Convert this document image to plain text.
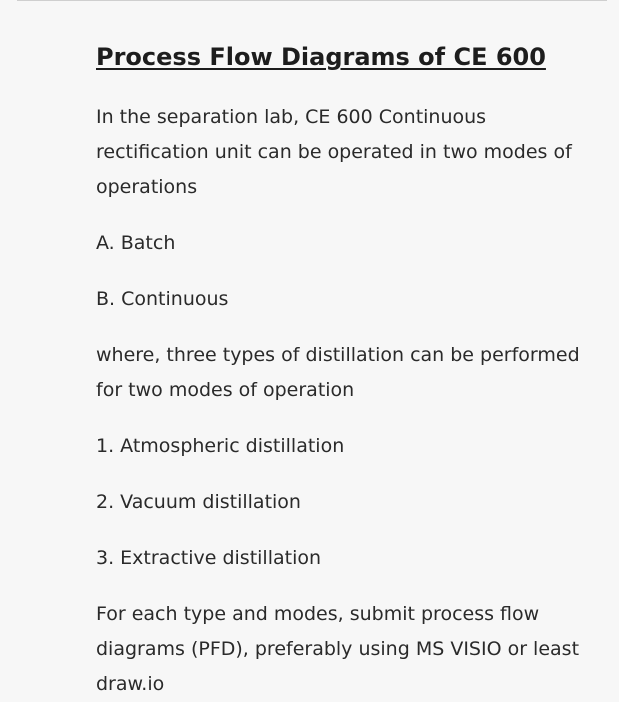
Process Flow Diagrams of CE 600

In the separation lab, CE 600 Continuous rectification unit can be operated in two modes of operations

A. Batch

B. Continuous

where, three types of distillation can be performed for two modes of operation

1. Atmospheric distillation

2. Vacuum distillation

3. Extractive distillation

For each type and modes, submit process flow diagrams (PFD), preferably using MS VISIO or least draw.io
